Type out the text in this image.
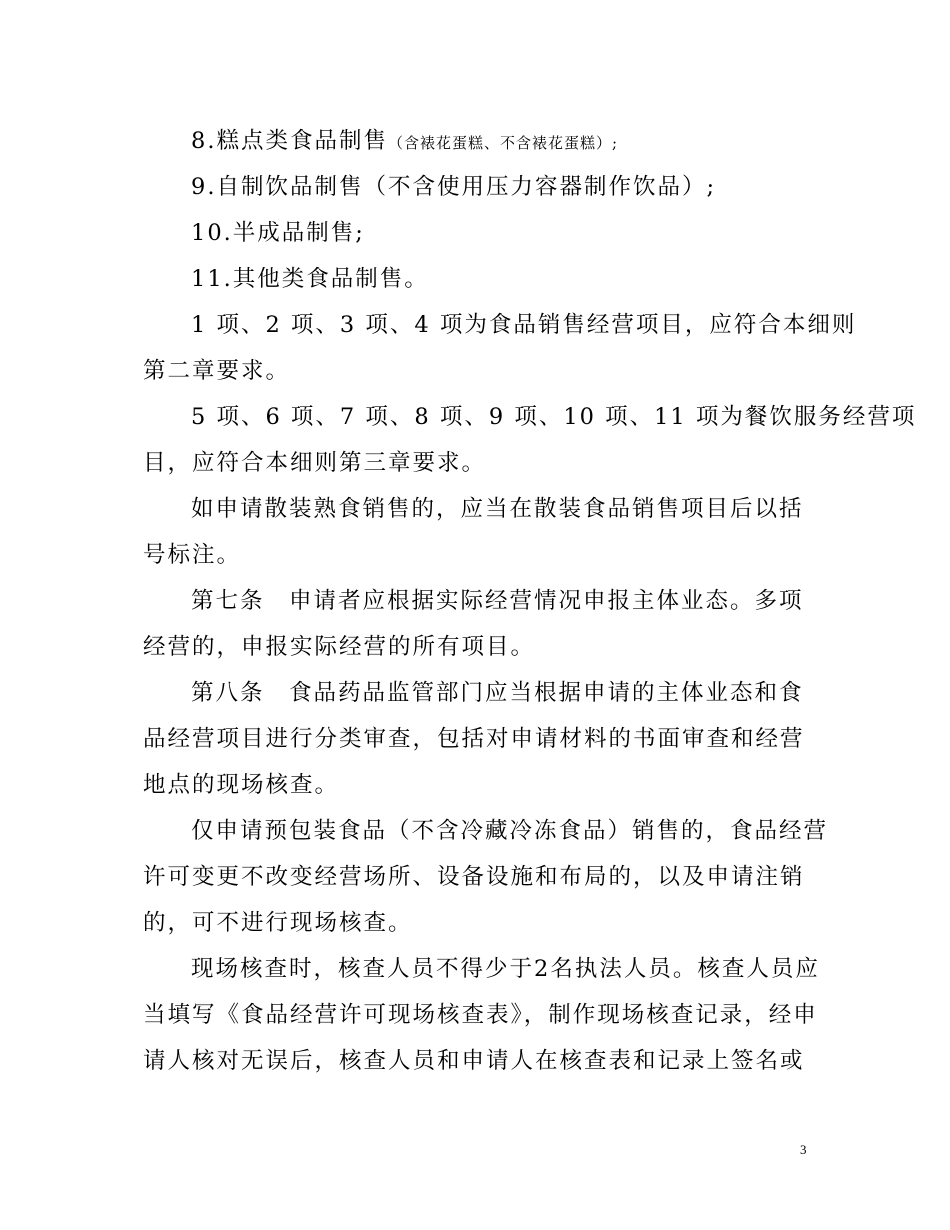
8.糕点类食品制售（含裱花蛋糕、不含裱花蛋糕）;
9.自制饮品制售（不含使用压力容器制作饮品）;
10.半成品制售;
11.其他类食品制售。
1 项、2 项、3 项、4 项为食品销售经营项目，应符合本细则
第二章要求。
5 项、6 项、7 项、8 项、9 项、10 项、11 项为餐饮服务经营项
目，应符合本细则第三章要求。
如申请散装熟食销售的，应当在散装食品销售项目后以括
号标注。
第七条　申请者应根据实际经营情况申报主体业态。多项
经营的，申报实际经营的所有项目。
第八条　食品药品监管部门应当根据申请的主体业态和食
品经营项目进行分类审查，包括对申请材料的书面审查和经营
地点的现场核查。
仅申请预包装食品（不含冷藏冷冻食品）销售的，食品经营
许可变更不改变经营场所、设备设施和布局的，以及申请注销
的，可不进行现场核查。
现场核查时，核查人员不得少于2名执法人员。核查人员应
当填写《食品经营许可现场核查表》，制作现场核查记录，经申
请人核对无误后，核查人员和申请人在核查表和记录上签名或
3
